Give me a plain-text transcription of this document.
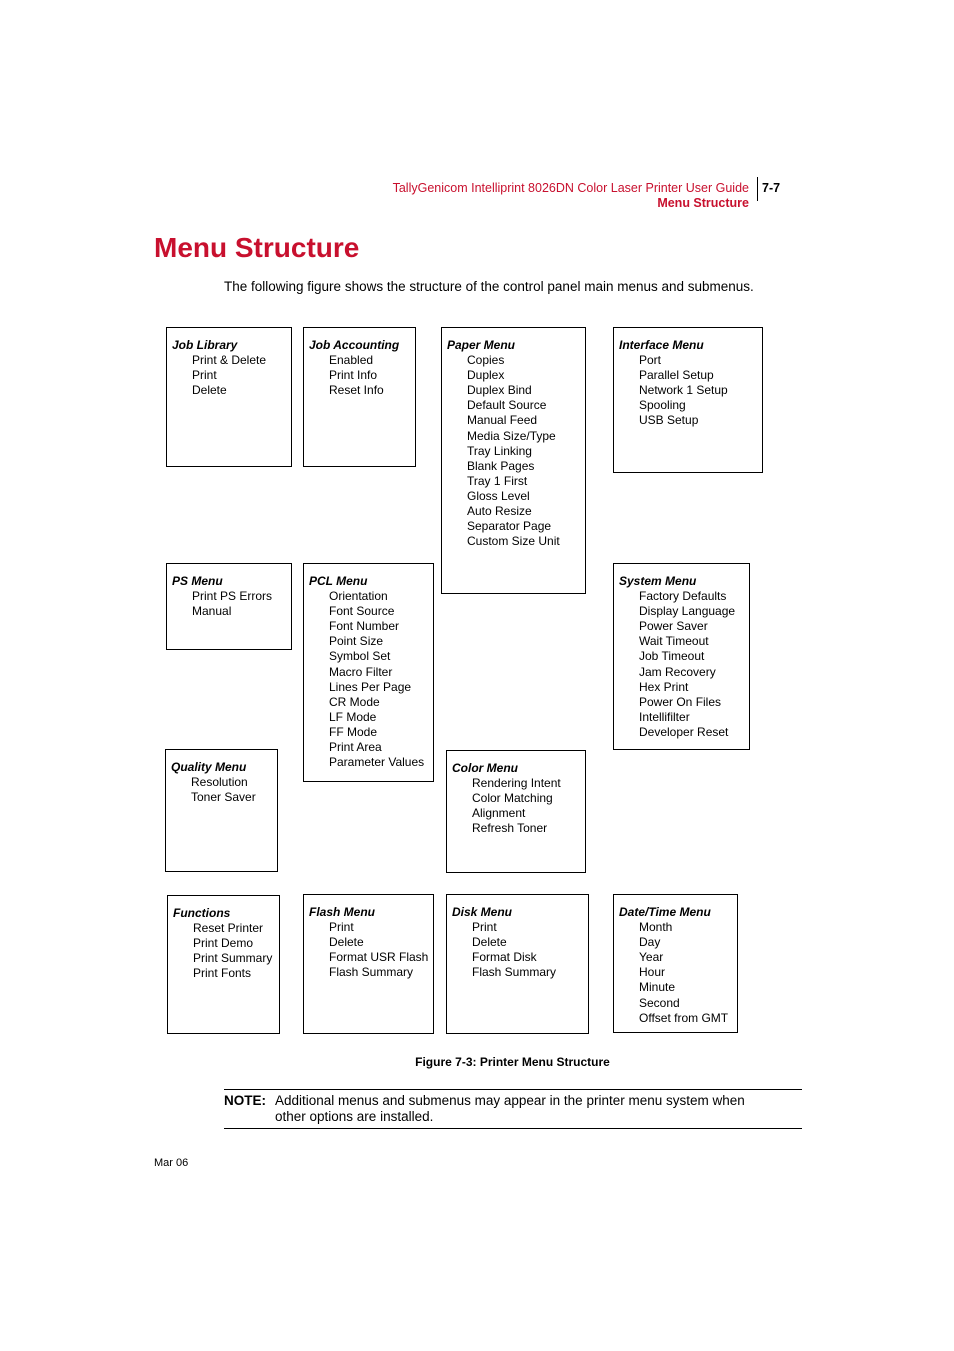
TallyGenicom Intelliprint 8026DN Color Laser Printer User Guide
Menu Structure
7-7
Menu Structure

The following figure shows the structure of the control panel main menus and submenus.

Job Library
Print & Delete
Print
Delete
Job Accounting
Enabled
Print Info
Reset Info
Paper Menu
Copies
Duplex
Duplex Bind
Default Source
Manual Feed
Media Size/Type
Tray Linking
Blank Pages
Tray 1 First
Gloss Level
Auto Resize
Separator Page
Custom Size Unit
Interface Menu
Port
Parallel Setup
Network 1 Setup
Spooling
USB Setup
PS Menu
Print PS Errors
Manual
PCL Menu
Orientation
Font Source
Font Number
Point Size
Symbol Set
Macro Filter
Lines Per Page
CR Mode
LF Mode
FF Mode
Print Area
Parameter Values
System Menu
Factory Defaults
Display Language
Power Saver
Wait Timeout
Job Timeout
Jam Recovery
Hex Print
Power On Files
Intellifilter
Developer Reset
Quality Menu
Resolution
Toner Saver
Color Menu
Rendering Intent
Color Matching
Alignment
Refresh Toner
Functions
Reset Printer
Print Demo
Print Summary
Print Fonts
Flash Menu
Print
Delete
Format USR Flash
Flash Summary
Disk Menu
Print
Delete
Format Disk
Flash Summary
Date/Time Menu
Month
Day
Year
Hour
Minute
Second
Offset from GMT
Figure 7-3: Printer Menu Structure
NOTE: Additional menus and submenus may appear in the printer menu system when other options are installed.
Mar 06
